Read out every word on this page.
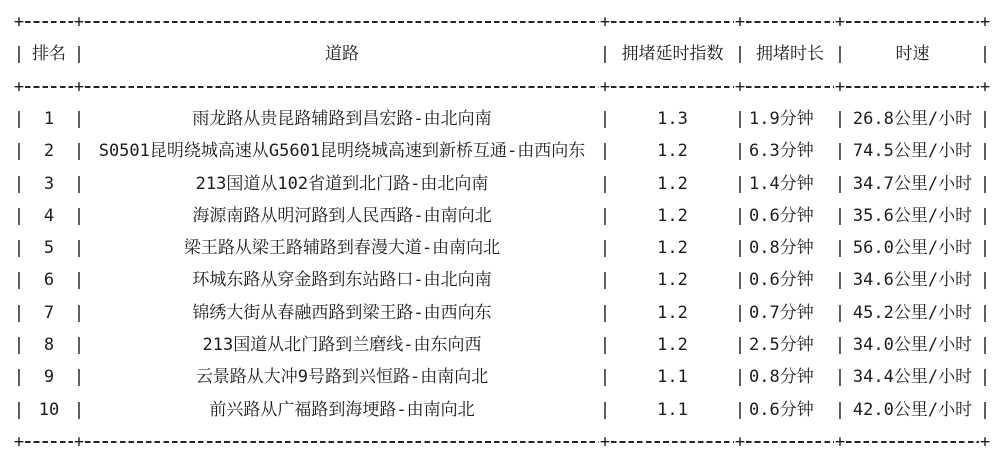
+	+	+	+	+	+
排名	道路	拥堵延时指数	拥堵时长	时速
|	|	|	|	|	|
+	+	+	+	+	+
1	雨龙路从贵昆路辅路到昌宏路-由北向南	1.3	1.9分钟	26.8公里/小时
|	|	|	|	|	|
2	S0501昆明绕城高速从G5601昆明绕城高速到新桥互通-由西向东	1.2	6.3分钟	74.5公里/小时
|	|	|	|	|	|
3	213国道从102省道到北门路-由北向南	1.2	1.4分钟	34.7公里/小时
|	|	|	|	|	|
4	海源南路从明河路到人民西路-由南向北	1.2	0.6分钟	35.6公里/小时
|	|	|	|	|	|
5	梁王路从梁王路辅路到春漫大道-由南向北	1.2	0.8分钟	56.0公里/小时
|	|	|	|	|	|
6	环城东路从穿金路到东站路口-由北向南	1.2	0.6分钟	34.6公里/小时
|	|	|	|	|	|
7	锦绣大街从春融西路到梁王路-由西向东	1.2	0.7分钟	45.2公里/小时
|	|	|	|	|	|
8	213国道从北门路到兰磨线-由东向西	1.2	2.5分钟	34.0公里/小时
|	|	|	|	|	|
9	云景路从大冲9号路到兴恒路-由南向北	1.1	0.8分钟	34.4公里/小时
|	|	|	|	|	|
10	前兴路从广福路到海埂路-由南向北	1.1	0.6分钟	42.0公里/小时
|	|	|	|	|	|
+	+	+	+	+	+
